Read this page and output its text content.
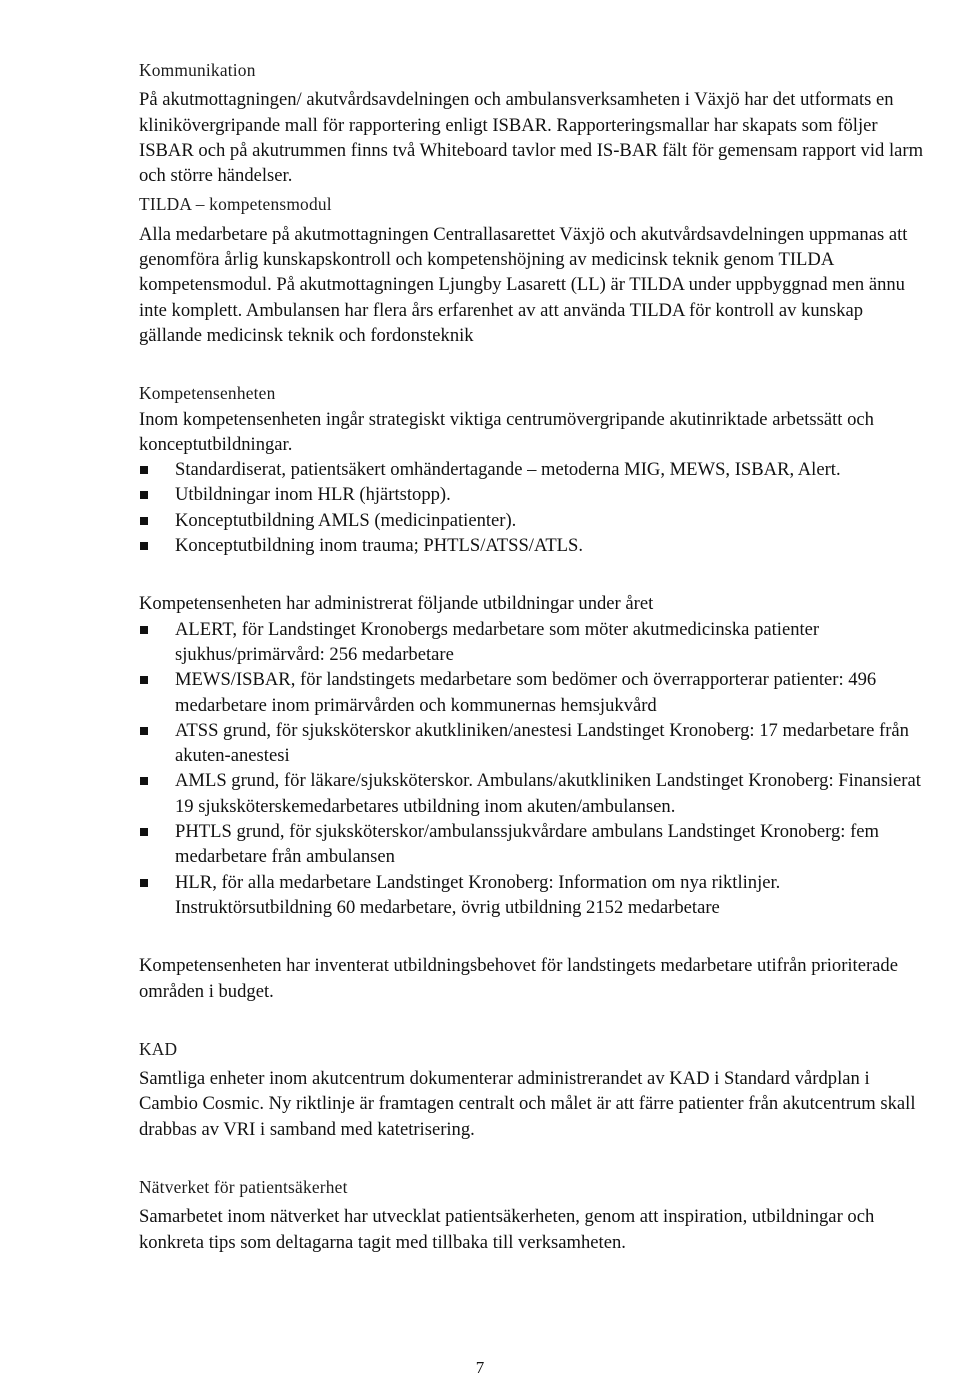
Kommunikation

På akutmottagningen/ akutvårdsavdelningen och ambulansverksamheten i Växjö har det utformats en klinikövergripande mall för rapportering enligt ISBAR. Rapporteringsmallar har skapats som följer ISBAR och på akutrummen finns två Whiteboard tavlor med IS-BAR fält för gemensam rapport vid larm och större händelser.

TILDA – kompetensmodul

Alla medarbetare på akutmottagningen Centrallasarettet Växjö och akutvårdsavdelningen uppmanas att genomföra årlig kunskapskontroll och kompetenshöjning av medicinsk teknik genom TILDA kompetensmodul. På akutmottagningen Ljungby Lasarett (LL) är TILDA under uppbyggnad men ännu inte komplett. Ambulansen har flera års erfarenhet av att använda TILDA för kontroll av kunskap gällande medicinsk teknik och fordonsteknik

Kompetensenheten

Inom kompetensenheten ingår strategiskt viktiga centrumövergripande akutinriktade arbetssätt och konceptutbildningar.

Standardiserat, patientsäkert omhändertagande – metoderna MIG, MEWS, ISBAR, Alert.
Utbildningar inom HLR (hjärtstopp).
Konceptutbildning AMLS (medicinpatienter).
Konceptutbildning inom trauma; PHTLS/ATSS/ATLS.

Kompetensenheten har administrerat följande utbildningar under året

ALERT, för Landstinget Kronobergs medarbetare som möter akutmedicinska patienter sjukhus/primärvård: 256 medarbetare
MEWS/ISBAR, för landstingets medarbetare som bedömer och överrapporterar patienter: 496 medarbetare inom primärvården och kommunernas hemsjukvård
ATSS grund, för sjuksköterskor akutkliniken/anestesi Landstinget Kronoberg: 17 medarbetare från akuten-anestesi
AMLS grund, för läkare/sjuksköterskor. Ambulans/akutkliniken Landstinget Kronoberg: Finansierat 19 sjuksköterskemedarbetares utbildning inom akuten/ambulansen.
PHTLS grund, för sjuksköterskor/ambulanssjukvårdare ambulans Landstinget Kronoberg: fem medarbetare från ambulansen
HLR, för alla medarbetare Landstinget Kronoberg: Information om nya riktlinjer. Instruktörsutbildning 60 medarbetare, övrig utbildning 2152 medarbetare

Kompetensenheten har inventerat utbildningsbehovet för landstingets medarbetare utifrån prioriterade områden i budget.

KAD

Samtliga enheter inom akutcentrum dokumenterar administrerandet av KAD i Standard vårdplan i Cambio Cosmic. Ny riktlinje är framtagen centralt och målet är att färre patienter från akutcentrum skall drabbas av VRI i samband med katetrisering.

Nätverket för patientsäkerhet

Samarbetet inom nätverket har utvecklat patientsäkerheten, genom att inspiration, utbildningar och konkreta tips som deltagarna tagit med tillbaka till verksamheten.

7
